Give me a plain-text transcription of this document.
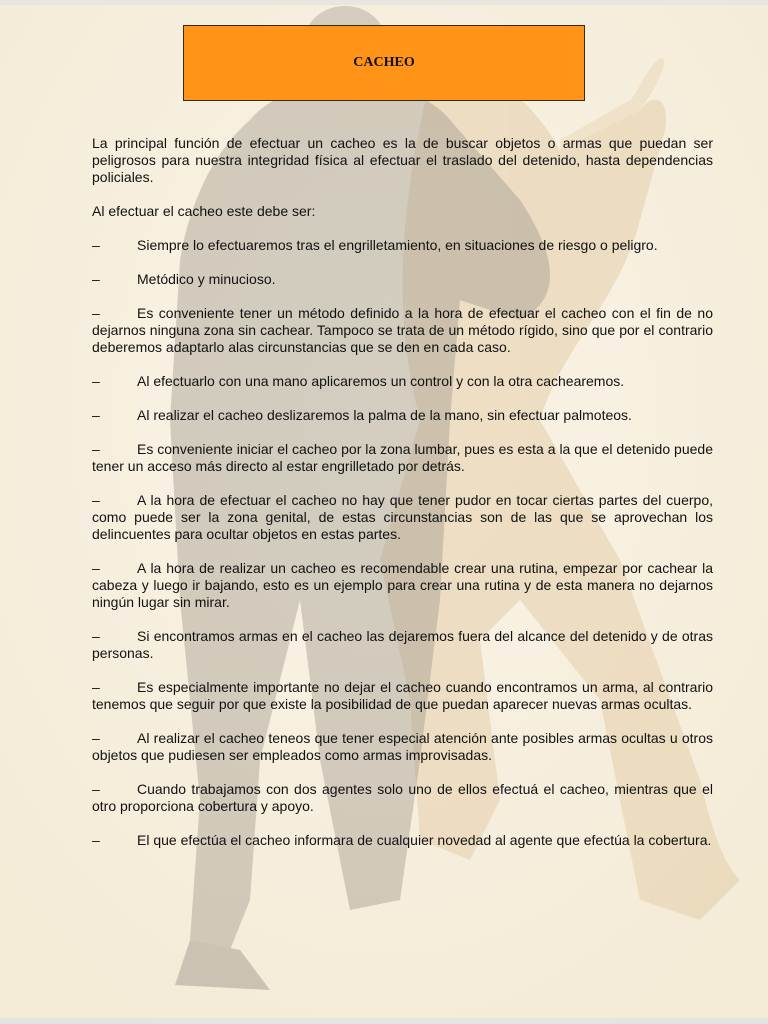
CACHEO

La principal función de efectuar un cacheo es la de buscar objetos o armas que puedan ser peligrosos para nuestra integridad física al efectuar el traslado del detenido, hasta dependencias policiales.

Al efectuar el cacheo este debe ser:

–	Siempre lo efectuaremos tras el engrilletamiento, en situaciones de riesgo o peligro.
–	Metódico y minucioso.
–	Es conveniente tener un método definido a la hora de efectuar el cacheo con el fin de no dejarnos ninguna zona sin cachear. Tampoco se trata de un método rígido, sino que por el contrario deberemos adaptarlo alas circunstancias que se den en cada caso.
–	Al efectuarlo con una mano aplicaremos un control y con la otra cachearemos.
–	Al realizar el cacheo deslizaremos la palma de la mano, sin efectuar palmoteos.
–	Es conveniente iniciar el cacheo por la zona lumbar, pues es esta a la que el detenido puede tener un acceso más directo al estar engrilletado por detrás.
–	A la hora de efectuar el cacheo no hay que tener pudor en tocar ciertas partes del cuerpo, como puede ser la zona genital, de estas circunstancias son de las que se aprovechan los delincuentes para ocultar objetos en estas partes.
–	A la hora de realizar un cacheo es recomendable crear una rutina, empezar por cachear la cabeza y luego ir bajando, esto es un ejemplo para crear una rutina y de esta manera no dejarnos ningún lugar sin mirar.
–	Si encontramos armas en el cacheo las dejaremos fuera del alcance del detenido y de otras personas.
–	Es especialmente importante no dejar el cacheo cuando encontramos un arma, al contrario tenemos que seguir por que existe la posibilidad de que puedan aparecer nuevas armas ocultas.
–	Al realizar el cacheo teneos que tener especial atención ante posibles armas ocultas u otros objetos que pudiesen ser empleados como armas improvisadas.
–	Cuando trabajamos con dos agentes solo uno de ellos efectuá el cacheo, mientras que el otro proporciona cobertura y apoyo.
–	El que efectúa el cacheo informara de cualquier novedad al agente que efectúa la cobertura.
